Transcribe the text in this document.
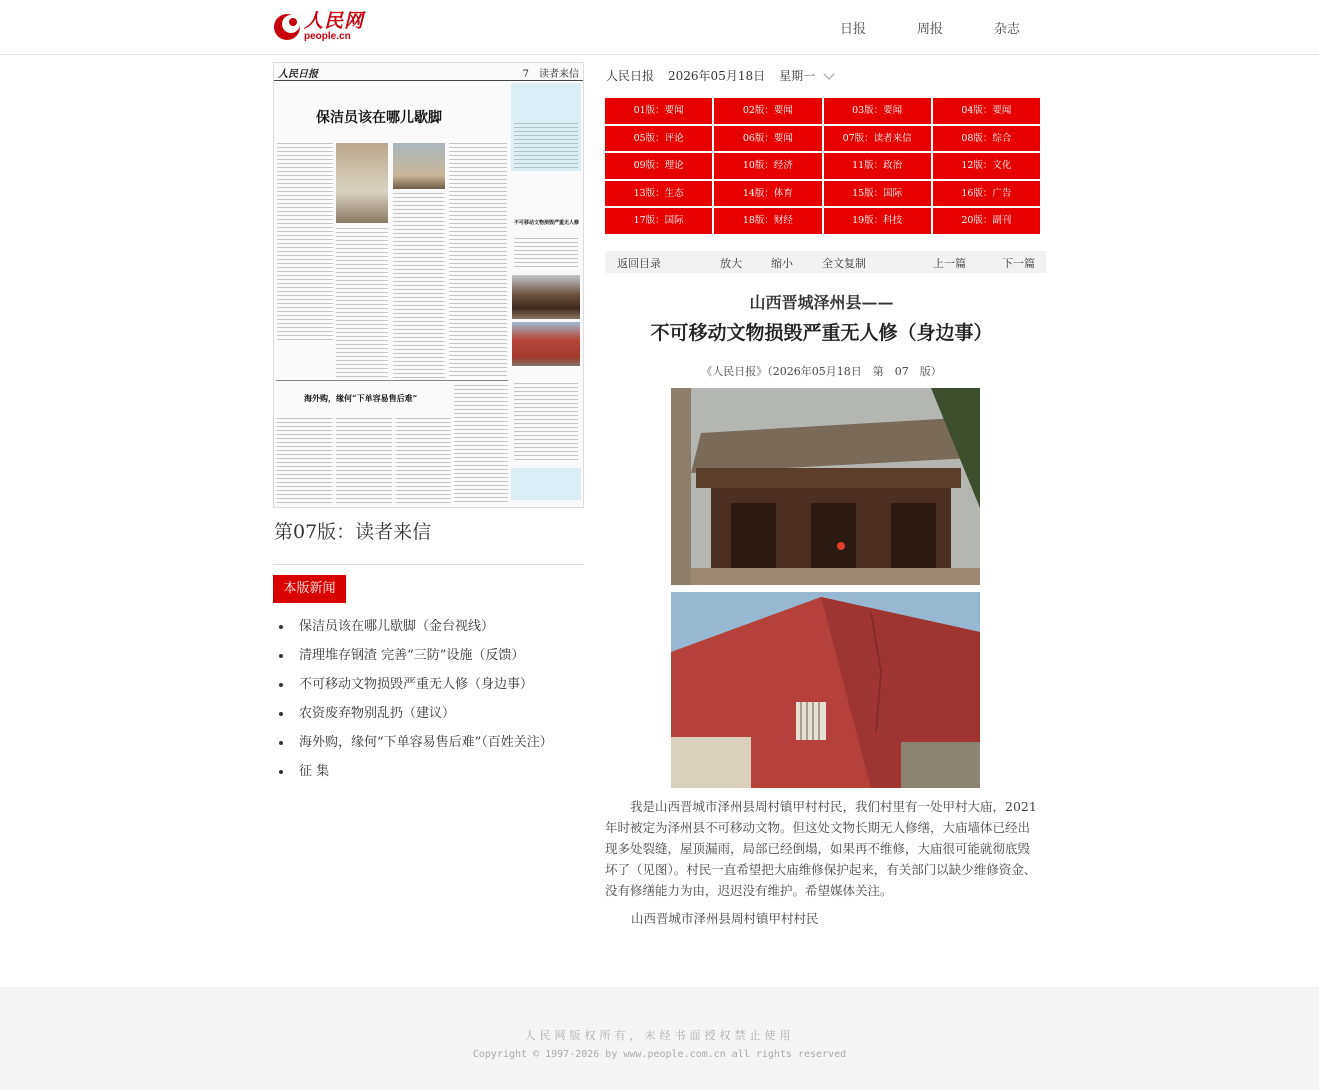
人民网
people.cn	日报	周报	杂志
人民日报	7　 读者来信
保洁员该在哪儿歇脚
海外购，缘何“下单容易售后难”
不可移动文物损毁严重无人修
第07版：读者来信
本版新闻
保洁员该在哪儿歇脚（金台视线）
清理堆存钢渣 完善“三防”设施（反馈）
不可移动文物损毁严重无人修（身边事）
农资废弃物别乱扔（建议）
海外购，缘何“下单容易售后难”（百姓关注）
征 集
人民日报 2026年05月18日 星期一
01版：要闻	02版：要闻	03版：要闻	04版：要闻
05版：评论	06版：要闻	07版：读者来信	08版：综合
09版：理论	10版：经济	11版：政治	12版：文化
13版：生态	14版：体育	15版：国际	16版：广告
17版：国际	18版：财经	19版：科技	20版：副刊
返回目录	放大	缩小	全文复制	上一篇	下一篇
山西晋城泽州县——
不可移动文物损毁严重无人修（身边事）
《人民日报》（2026年05月18日　第　07　版）

我是山西晋城市泽州县周村镇甲村村民，我们村里有一处甲村大庙，2021年时被定为泽州县不可移动文物。但这处文物长期无人修缮，大庙墙体已经出现多处裂缝，屋顶漏雨，局部已经倒塌，如果再不维修，大庙很可能就彻底毁坏了（见图）。村民一直希望把大庙维修保护起来，有关部门以缺少维修资金、没有修缮能力为由，迟迟没有维护。希望媒体关注。

山西晋城市泽州县周村镇甲村村民

人民网版权所有，未经书面授权禁止使用
Copyright © 1997-2026 by www.people.com.cn all rights reserved
